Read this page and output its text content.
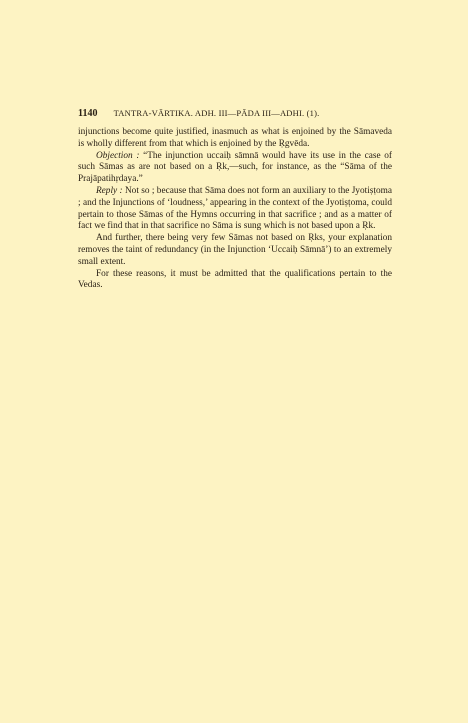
1140 TANTRA-VĀRTIKA. ADH. III—PĀDA III—ADHI. (1).

injunctions become quite justified, inasmuch as what is enjoined by the Sāmaveda is wholly different from that which is enjoined by the Ṛgvēda.

Objection : “The injunction uccaiḥ sāmnā would have its use in the case of such Sāmas as are not based on a Ṛk,—such, for instance, as the “Sāma of the Prajāpatihṛdaya.”

Reply : Not so ; because that Sāma does not form an auxiliary to the Jyotiṣṭoma ; and the Injunctions of ‘loudness,’ appearing in the context of the Jyotiṣṭoma, could pertain to those Sāmas of the Hymns occurring in that sacrifice ; and as a matter of fact we find that in that sacrifice no Sāma is sung which is not based upon a Ṛk.

And further, there being very few Sāmas not based on Ṛks, your explanation removes the taint of redundancy (in the Injunction ‘Uccaiḥ Sāmnā’) to an extremely small extent.

For these reasons, it must be admitted that the qualifications pertain to the Vedas.
